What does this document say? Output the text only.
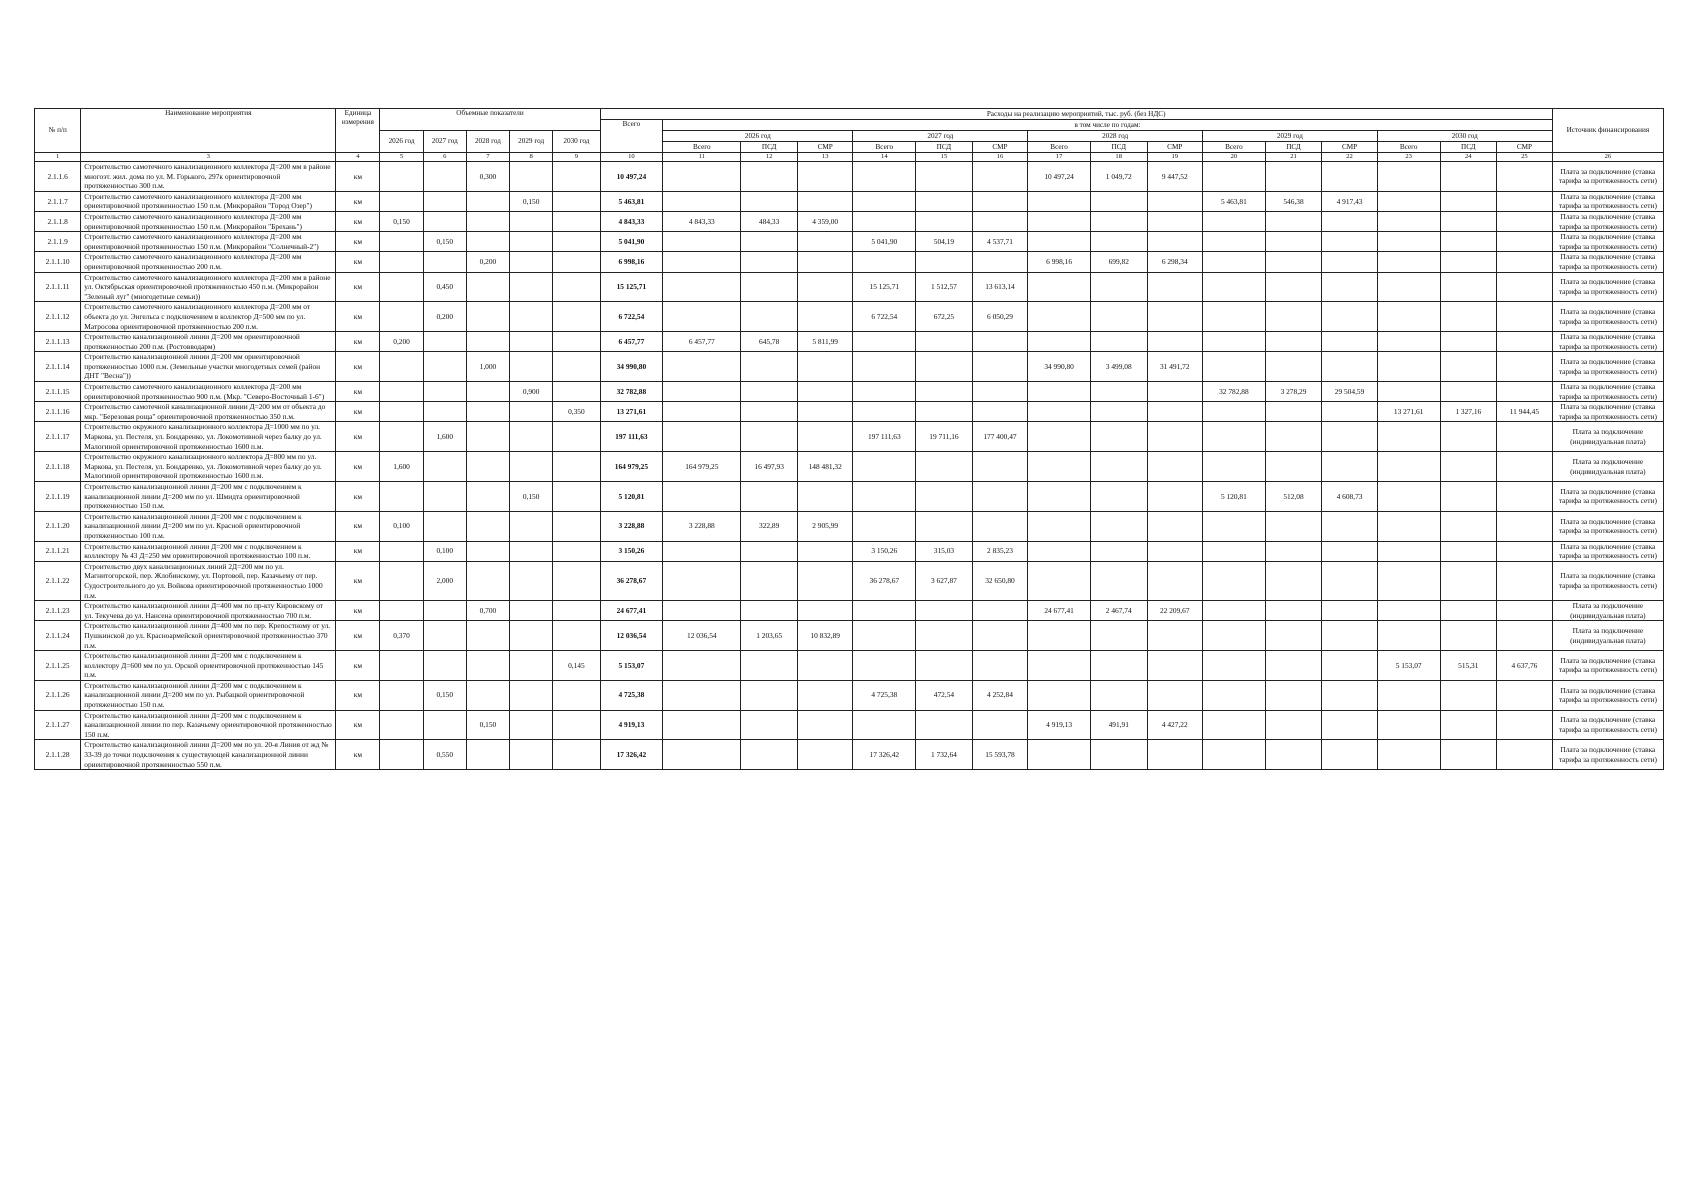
№ п/п	Наименование мероприятия	Единица измерения	Объемные показатели					Расходы на реализацию мероприятий, тыс. руб. (без НДС)																Источник финансирования
								Всего	в том числе по годам:															
			2026 год	2027 год	2028 год	2029 год	2030 год		2026 год			2027 год			2028 год			2029 год			2030 год			
									Всего	ПСД	СМР	Всего	ПСД	СМР	Всего	ПСД	СМР	Всего	ПСД	СМР	Всего	ПСД	СМР	
1	3	4	5	6	7	8	9	10	11	12	13	14	15	16	17	18	19	20	21	22	23	24	25	26
2.1.1.6	Строительство самотечного канализационного коллектора Д=200 мм в районе многоэт. жил. дома по ул. М. Горького, 297к ориентировочной протяженностью 300 п.м.	км			0,300			10 497,24							10 497,24	1 049,72	9 447,52							Плата за подключение (ставка тарифа за протяженность сети)
2.1.1.7	Строительство самотечного канализационного коллектора Д=200 мм ориентировочной протяженностью 150 п.м. (Микрорайон "Город Озер")	км				0,150		5 463,81										5 463,81	546,38	4 917,43				Плата за подключение (ставка тарифа за протяженность сети)
2.1.1.8	Строительство самотечного канализационного коллектора Д=200 мм ориентировочной протяженностью 150 п.м. (Микрорайон "Брехань")	км	0,150					4 843,33	4 843,33	484,33	4 359,00													Плата за подключение (ставка тарифа за протяженность сети)
2.1.1.9	Строительство самотечного канализационного коллектора Д=200 мм ориентировочной протяженностью 150 п.м. (Микрорайон "Солнечный-2")	км		0,150				5 041,90				5 041,90	504,19	4 537,71										Плата за подключение (ставка тарифа за протяженность сети)
2.1.1.10	Строительство самотечного канализационного коллектора Д=200 мм ориентировочной протяженностью 200 п.м.	км			0,200			6 998,16							6 998,16	699,82	6 298,34							Плата за подключение (ставка тарифа за протяженность сети)
2.1.1.11	Строительство самотечного канализационного коллектора Д=200 мм в районе ул. Октябрьская ориентировочной протяженностью 450 п.м. (Микрорайон "Зеленый луг" (многодетные семьи))	км		0,450				15 125,71				15 125,71	1 512,57	13 613,14										Плата за подключение (ставка тарифа за протяженность сети)
2.1.1.12	Строительство самотечного канализационного коллектора Д=200 мм от объекта до ул. Энгельса с подключением в коллектор Д=500 мм по ул. Матросова ориентировочной протяженностью 200 п.м.	км		0,200				6 722,54				6 722,54	672,25	6 050,29										Плата за подключение (ставка тарифа за протяженность сети)
2.1.1.13	Строительство канализационной линии Д=200 мм ориентировочной протяженностью 200 п.м. (Ростовводарм)	км	0,200					6 457,77	6 457,77	645,78	5 811,99													Плата за подключение (ставка тарифа за протяженность сети)
2.1.1.14	Строительство канализационной линии Д=200 мм ориентировочной протяженностью 1000 п.м. (Земельные участки многодетных семей (район ДНТ "Весна"))	км			1,000			34 990,80							34 990,80	3 499,08	31 491,72							Плата за подключение (ставка тарифа за протяженность сети)
2.1.1.15	Строительство самотечного канализационного коллектора Д=200 мм ориентировочной протяженностью 900 п.м. (Мкр. "Северо-Восточный 1-6")	км				0,900		32 782,88										32 782,88	3 278,29	29 504,59				Плата за подключение (ставка тарифа за протяженность сети)
2.1.1.16	Строительство самотечной канализационной линии Д=200 мм от объекта до мкр. "Березовая роща" ориентировочной протяженностью 350 п.м.	км					0,350	13 271,61													13 271,61	1 327,16	11 944,45	Плата за подключение (ставка тарифа за протяженность сети)
2.1.1.17	Строительство окружного канализационного коллектора Д=1000 мм по ул. Маркова, ул. Пестеля, ул. Бондаренко, ул. Локомотивной через балку до ул. Малогиной ориентировочной протяженностью 1600 п.м.	км		1,600				197 111,63				197 111,63	19 711,16	177 400,47										Плата за подключение (индивидуальная плата)
2.1.1.18	Строительство окружного канализационного коллектора Д=800 мм по ул. Маркова, ул. Пестеля, ул. Бондаренко, ул. Локомотивной через балку до ул. Малогиной ориентировочной протяженностью 1600 п.м.	км	1,600					164 979,25	164 979,25	16 497,93	148 481,32													Плата за подключение (индивидуальная плата)
2.1.1.19	Строительство канализационной линии Д=200 мм с подключением к канализационной линии Д=200 мм по ул. Шмидта ориентировочной протяженностью 150 п.м.	км				0,150		5 120,81										5 120,81	512,08	4 608,73				Плата за подключение (ставка тарифа за протяженность сети)
2.1.1.20	Строительство канализационной линии Д=200 мм с подключением к канализационной линии Д=200 мм по ул. Красной ориентировочной протяженностью 100 п.м.	км	0,100					3 228,88	3 228,88	322,89	2 905,99													Плата за подключение (ставка тарифа за протяженность сети)
2.1.1.21	Строительство канализационной линии Д=200 мм с подключением к коллектору № 43 Д=250 мм ориентировочной протяженностью 100 п.м.	км		0,100				3 150,26				3 150,26	315,03	2 835,23										Плата за подключение (ставка тарифа за протяженность сети)
2.1.1.22	Строительство двух канализационных линий 2Д=200 мм по ул. Магнитогорской, пер. Жлобинскому, ул. Портовой, пер. Казачьему от пер. Судостроительного до ул. Войкова ориентировочной протяженностью 1000 п.м.	км		2,000				36 278,67				36 278,67	3 627,87	32 650,80										Плата за подключение (ставка тарифа за протяженность сети)
2.1.1.23	Строительство канализационной линии Д=400 мм по пр-кту Кировскому от ул. Текучева до ул. Нансена ориентировочной протяженностью 700 п.м.	км			0,700			24 677,41							24 677,41	2 467,74	22 209,67							Плата за подключение (индивидуальная плата)
2.1.1.24	Строительство канализационной линии Д=400 мм по пер. Крепостному от ул. Пушкинской до ул. Красноармейской ориентировочной протяженностью 370 п.м.	км	0,370					12 036,54	12 036,54	1 203,65	10 832,89													Плата за подключение (индивидуальная плата)
2.1.1.25	Строительство канализационной линии Д=200 мм с подключением к коллектору Д=600 мм по ул. Орской ориентировочной протяженностью 145 п.м.	км					0,145	5 153,07													5 153,07	515,31	4 637,76	Плата за подключение (ставка тарифа за протяженность сети)
2.1.1.26	Строительство канализационной линии Д=200 мм с подключением к канализационной линии Д=200 мм по ул. Рыбацкой ориентировочной протяженностью 150 п.м.	км		0,150				4 725,38				4 725,38	472,54	4 252,84										Плата за подключение (ставка тарифа за протяженность сети)
2.1.1.27	Строительство канализационной линии Д=200 мм с подключением к канализационной линии по пер. Казачьему ориентировочной протяженностью 150 п.м.	км			0,150			4 919,13							4 919,13	491,91	4 427,22							Плата за подключение (ставка тарифа за протяженность сети)
2.1.1.28	Строительство канализационной линии Д=200 мм по ул. 20-я Линия от жд № 33-39 до точки подключения к существующей канализационной линии ориентировочной протяженностью 550 п.м.	км		0,550				17 326,42				17 326,42	1 732,64	15 593,78										Плата за подключение (ставка тарифа за протяженность сети)
